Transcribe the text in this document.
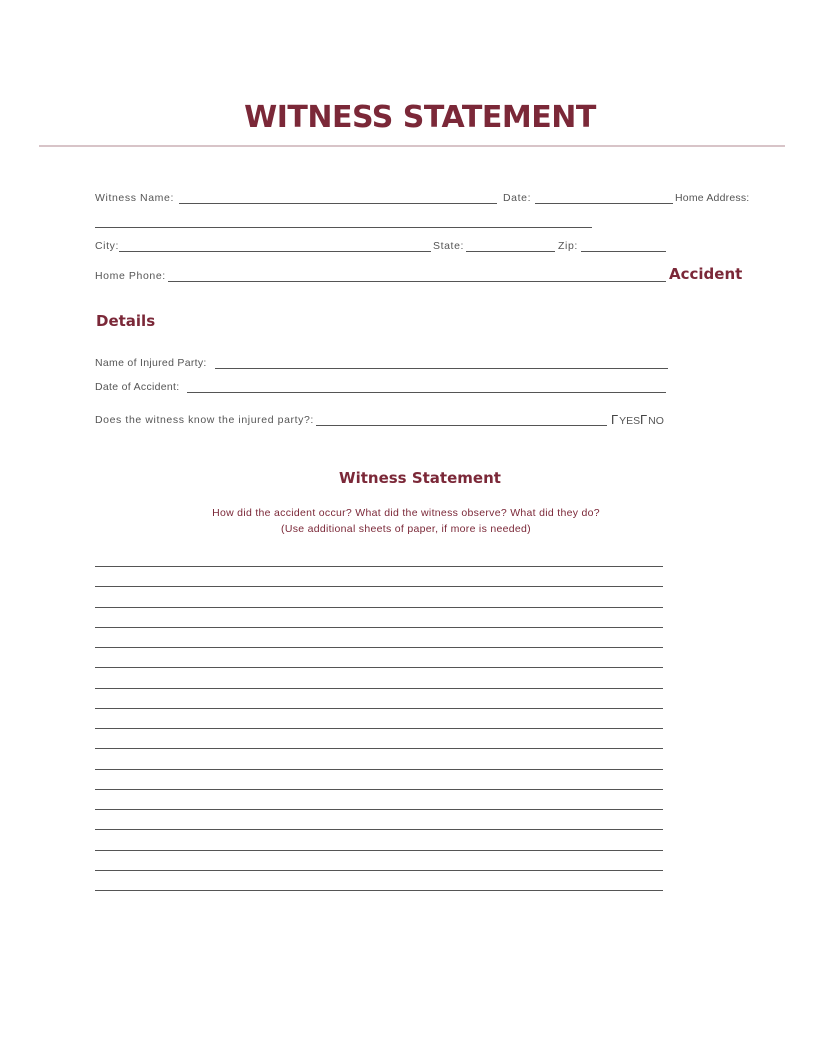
WITNESS STATEMENT
Witness Name:	Date:	Home Address:
City:	State:	Zip:
Home Phone:	Accident
Details
Name of Injured Party:
Date of Accident:
Does the witness know the injured party?:	ΓYES ΓNO
Witness Statement
How did the accident occur? What did the witness observe? What did they do?
(Use additional sheets of paper, if more is needed)
